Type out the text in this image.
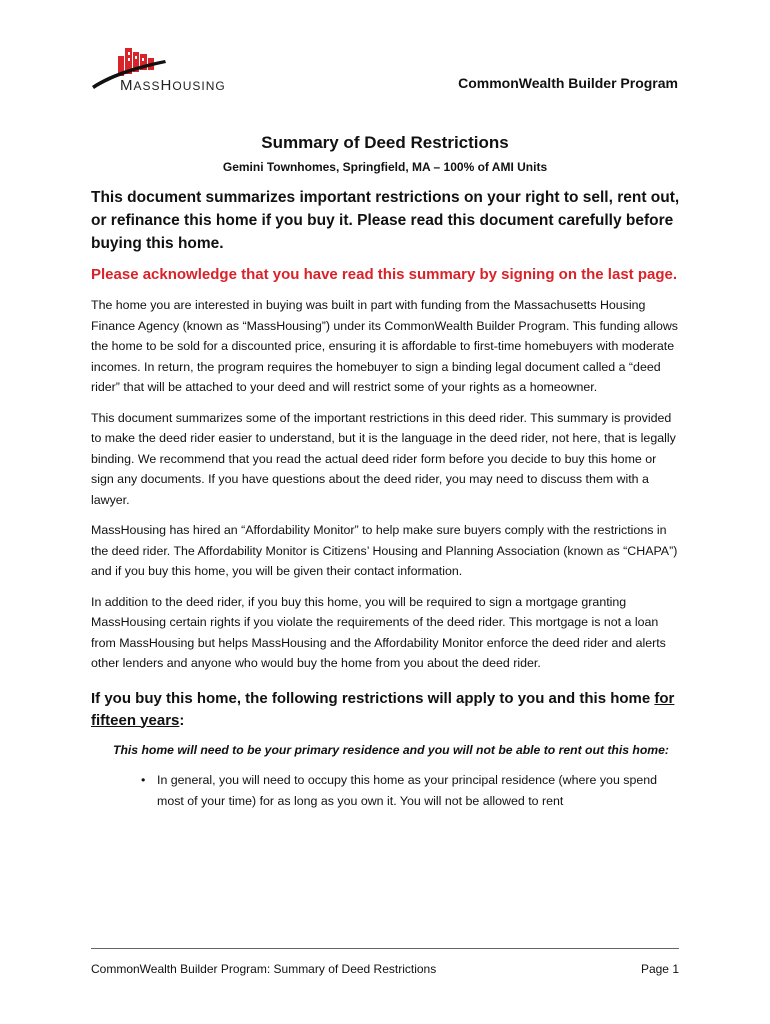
MASSHOUSING	CommonWealth Builder Program
Summary of Deed Restrictions
Gemini Townhomes, Springfield, MA – 100% of AMI Units

This document summarizes important restrictions on your right to sell, rent out, or refinance this home if you buy it. Please read this document carefully before buying this home.

Please acknowledge that you have read this summary by signing on the last page.

The home you are interested in buying was built in part with funding from the Massachusetts Housing Finance Agency (known as “MassHousing”) under its CommonWealth Builder Program. This funding allows the home to be sold for a discounted price, ensuring it is affordable to first-time homebuyers with moderate incomes. In return, the program requires the homebuyer to sign a binding legal document called a “deed rider” that will be attached to your deed and will restrict some of your rights as a homeowner.

This document summarizes some of the important restrictions in this deed rider. This summary is provided to make the deed rider easier to understand, but it is the language in the deed rider, not here, that is legally binding. We recommend that you read the actual deed rider form before you decide to buy this home or sign any documents. If you have questions about the deed rider, you may need to discuss them with a lawyer.

MassHousing has hired an “Affordability Monitor” to help make sure buyers comply with the restrictions in the deed rider. The Affordability Monitor is Citizens’ Housing and Planning Association (known as “CHAPA”) and if you buy this home, you will be given their contact information.

In addition to the deed rider, if you buy this home, you will be required to sign a mortgage granting MassHousing certain rights if you violate the requirements of the deed rider. This mortgage is not a loan from MassHousing but helps MassHousing and the Affordability Monitor enforce the deed rider and alerts other lenders and anyone who would buy the home from you about the deed rider.

If you buy this home, the following restrictions will apply to you and this home for fifteen years:
This home will need to be your primary residence and you will not be able to rent out this home:
• In general, you will need to occupy this home as your principal residence (where you spend most of your time) for as long as you own it. You will not be allowed to rent
CommonWealth Builder Program: Summary of Deed Restrictions	Page 1
